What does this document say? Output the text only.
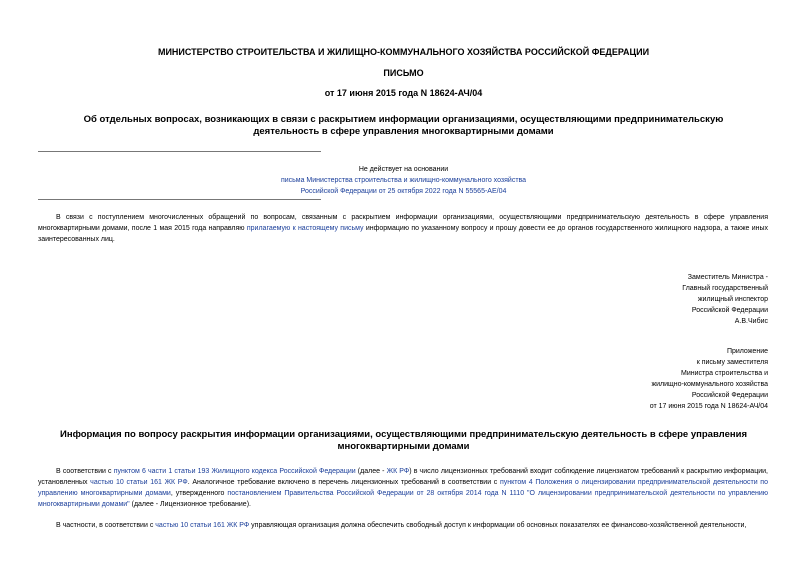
МИНИСТЕРСТВО СТРОИТЕЛЬСТВА И ЖИЛИЩНО-КОММУНАЛЬНОГО ХОЗЯЙСТВА РОССИЙСКОЙ ФЕДЕРАЦИИ
ПИСЬМО
от 17 июня 2015 года N 18624-АЧ/04
Об отдельных вопросах, возникающих в связи с раскрытием информации организациями, осуществляющими предпринимательскую деятельность в сфере управления многоквартирными домами
Не действует на основании
письма Министерства строительства и жилищно-коммунального хозяйства
Российской Федерации от 25 октября 2022 года N 55565-АЕ/04
В связи с поступлением многочисленных обращений по вопросам, связанным с раскрытием информации организациями, осуществляющими предпринимательскую деятельность в сфере управления многоквартирными домами, после 1 мая 2015 года направляю прилагаемую к настоящему письму информацию по указанному вопросу и прошу довести ее до органов государственного жилищного надзора, а также иных заинтересованных лиц.
Заместитель Министра -
Главный государственный
жилищный инспектор
Российской Федерации
А.В.Чибис
Приложение
к письму заместителя
Министра строительства и
жилищно-коммунального хозяйства
Российской Федерации
от 17 июня 2015 года N 18624-АЧ/04
Информация по вопросу раскрытия информации организациями, осуществляющими предпринимательскую деятельность в сфере управления многоквартирными домами
В соответствии с пунктом 6 части 1 статьи 193 Жилищного кодекса Российской Федерации (далее - ЖК РФ) в число лицензионных требований входит соблюдение лицензиатом требований к раскрытию информации, установленных частью 10 статьи 161 ЖК РФ. Аналогичное требование включено в перечень лицензионных требований в соответствии с пунктом 4 Положения о лицензировании предпринимательской деятельности по управлению многоквартирными домами, утвержденного постановлением Правительства Российской Федерации от 28 октября 2014 года N 1110 "О лицензировании предпринимательской деятельности по управлению многоквартирными домами" (далее - Лицензионное требование).
В частности, в соответствии с частью 10 статьи 161 ЖК РФ управляющая организация должна обеспечить свободный доступ к информации об основных показателях ее финансово-хозяйственной деятельности,
